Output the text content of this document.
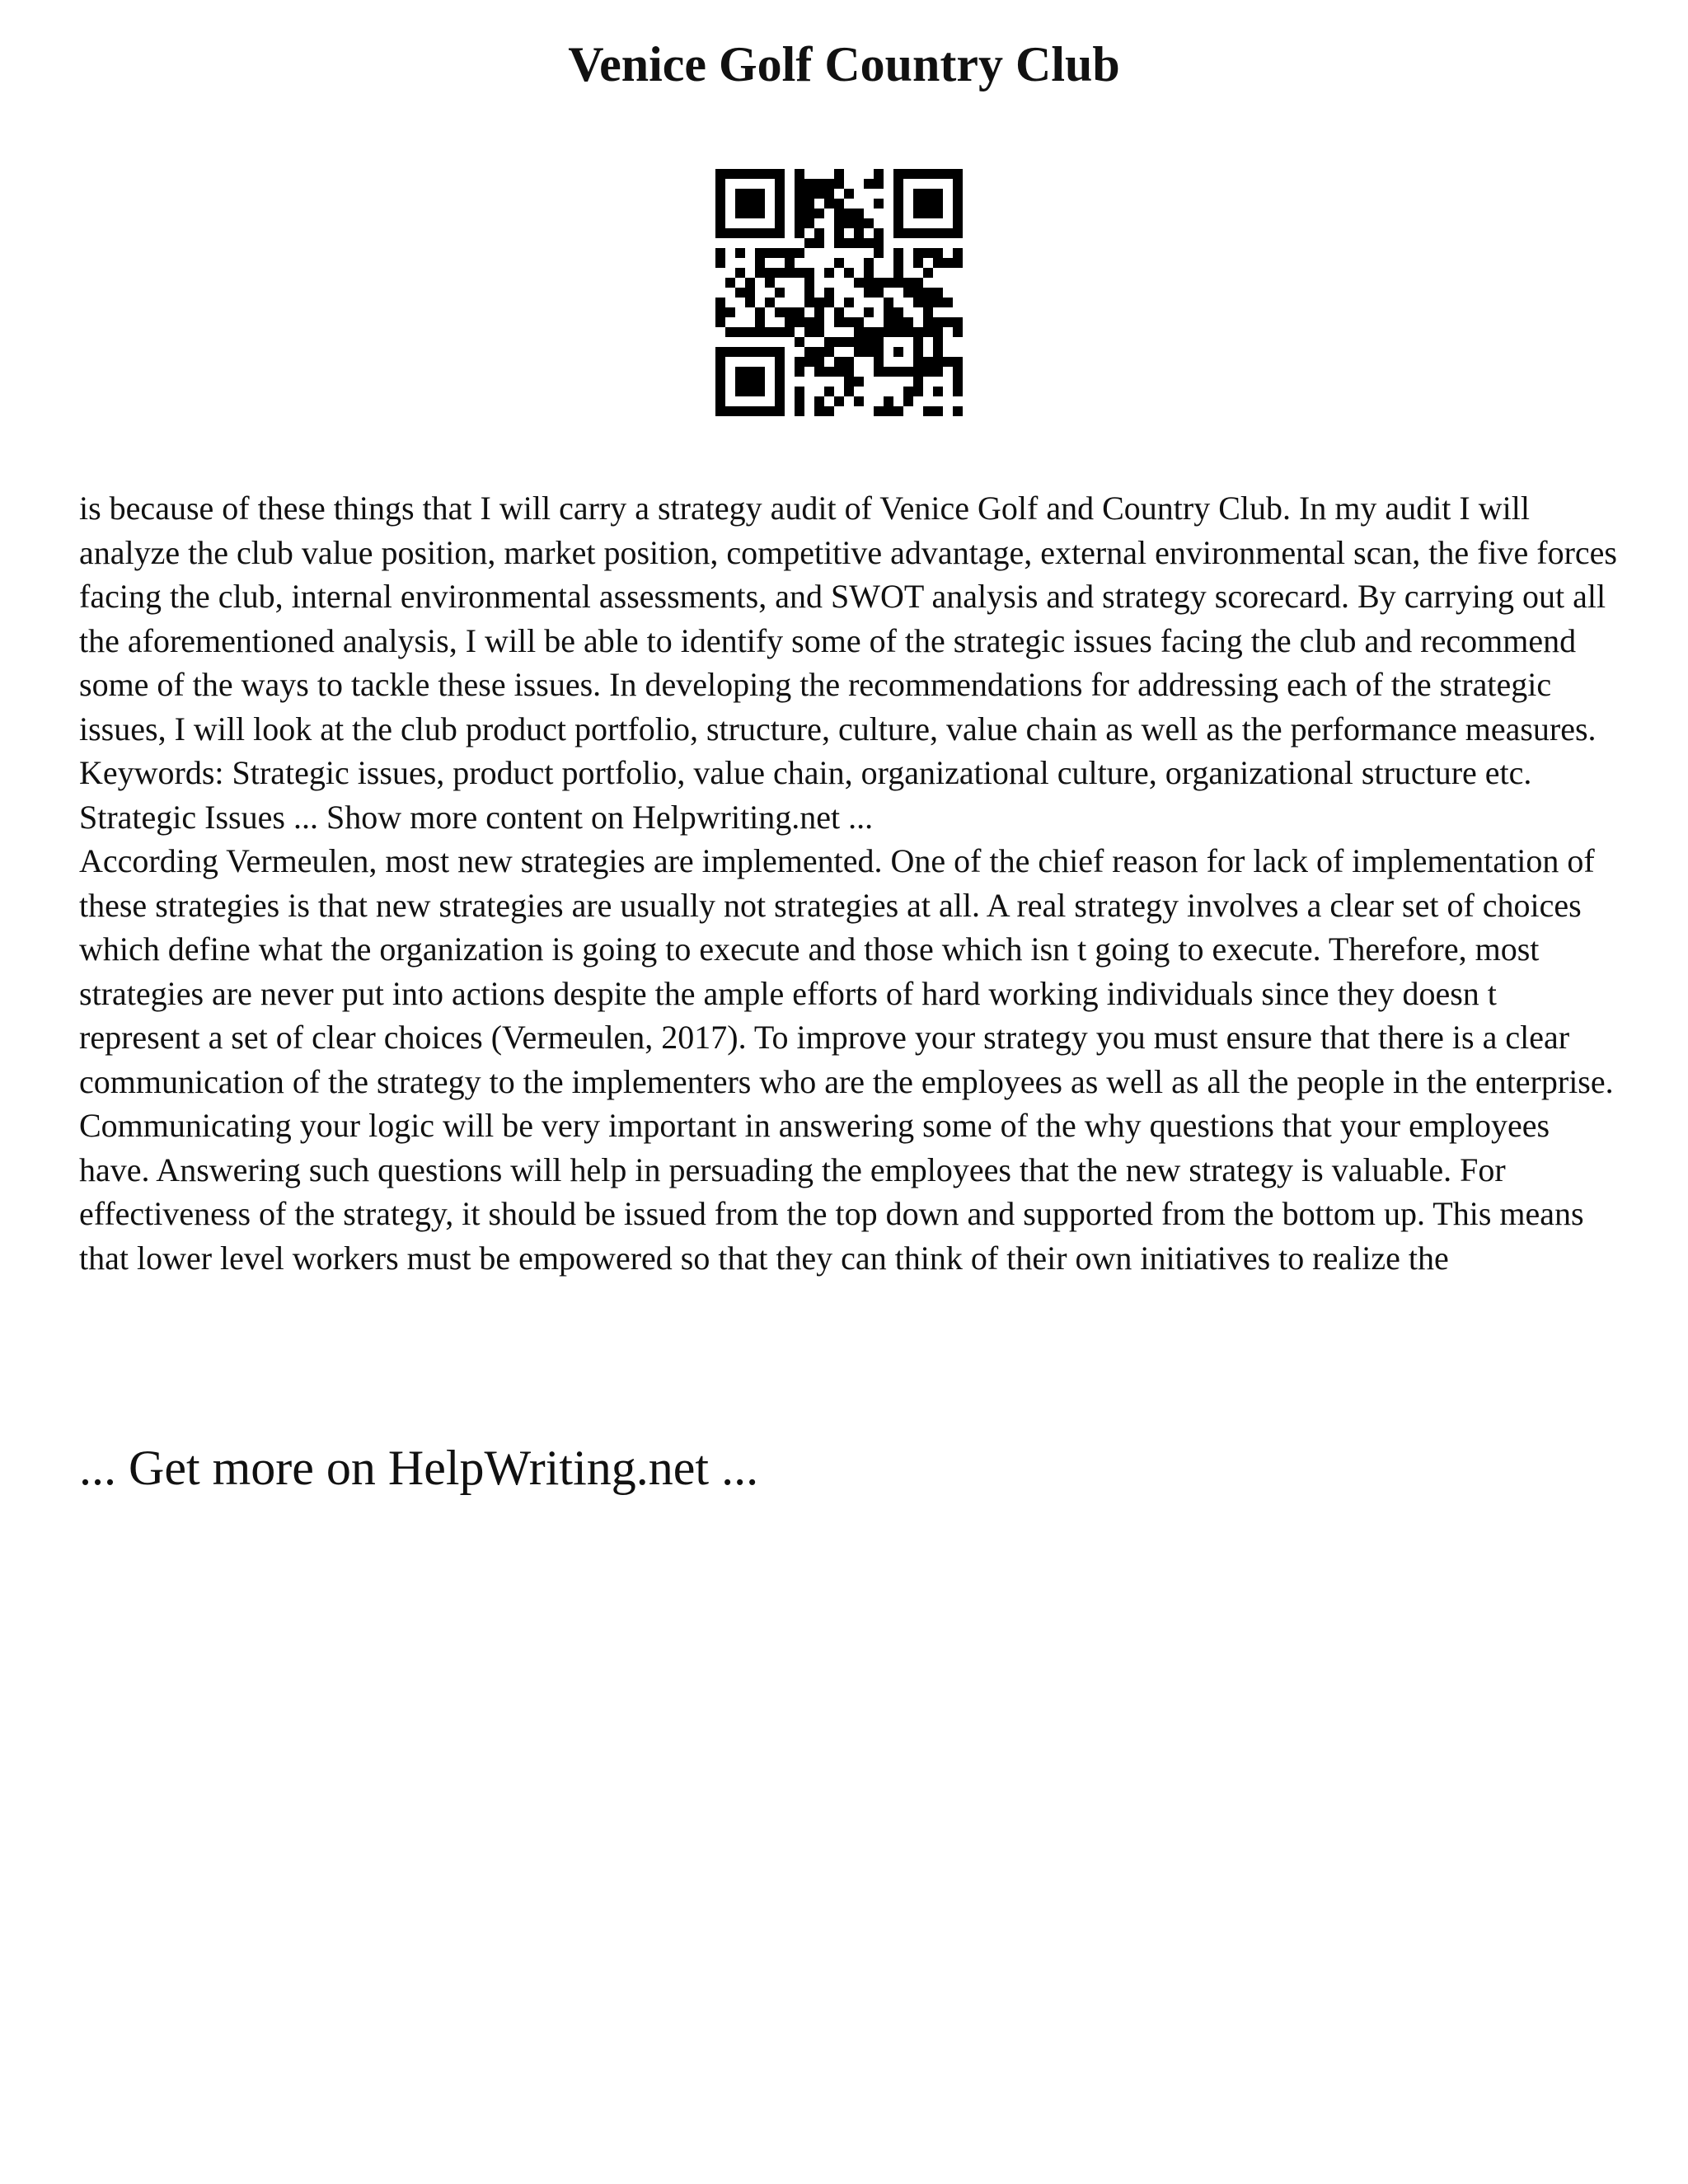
Venice Golf Country Club

is because of these things that I will carry a strategy audit of Venice Golf and Country Club. In my audit I will analyze the club value position, market position, competitive advantage, external environmental scan, the five forces facing the club, internal environmental assessments, and SWOT analysis and strategy scorecard. By carrying out all the aforementioned analysis, I will be able to identify some of the strategic issues facing the club and recommend some of the ways to tackle these issues. In developing the recommendations for addressing each of the strategic issues, I will look at the club product portfolio, structure, culture, value chain as well as the performance measures. Keywords: Strategic issues, product portfolio, value chain, organizational culture, organizational structure etc. Strategic Issues ... Show more content on Helpwriting.net ...

According Vermeulen, most new strategies are implemented. One of the chief reason for lack of implementation of these strategies is that new strategies are usually not strategies at all. A real strategy involves a clear set of choices which define what the organization is going to execute and those which isn t going to execute. Therefore, most strategies are never put into actions despite the ample efforts of hard working individuals since they doesn t represent a set of clear choices (Vermeulen, 2017). To improve your strategy you must ensure that there is a clear communication of the strategy to the implementers who are the employees as well as all the people in the enterprise. Communicating your logic will be very important in answering some of the why questions that your employees have. Answering such questions will help in persuading the employees that the new strategy is valuable. For effectiveness of the strategy, it should be issued from the top down and supported from the bottom up. This means that lower level workers must be empowered so that they can think of their own initiatives to realize the

... Get more on HelpWriting.net ...
